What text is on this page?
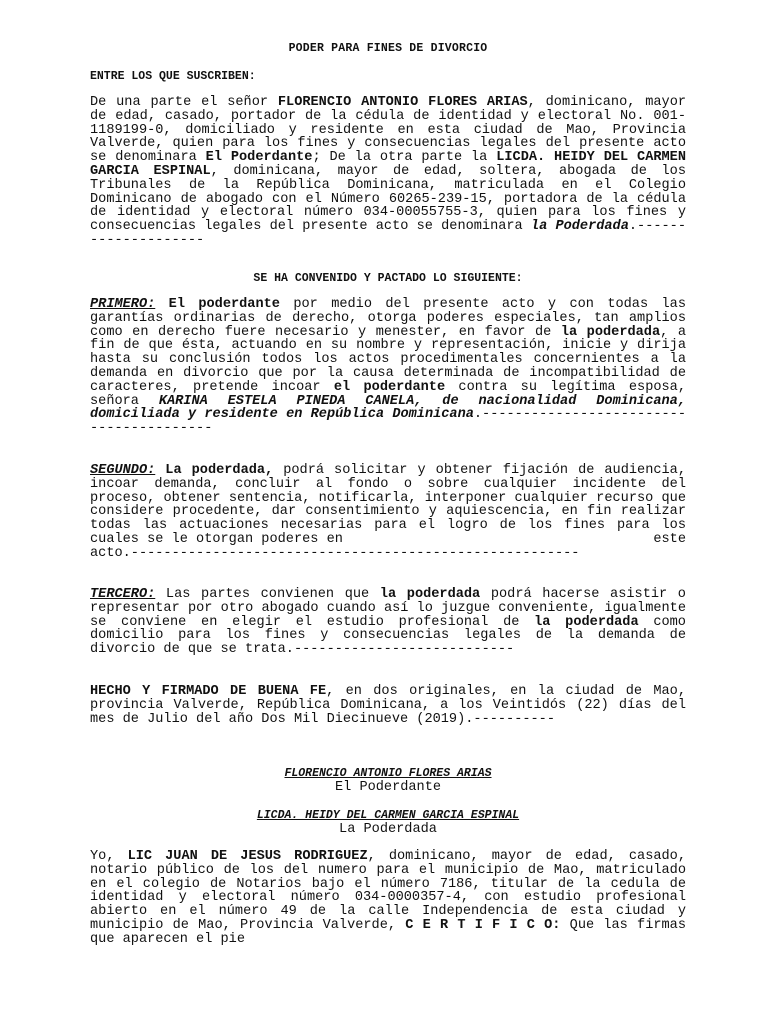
PODER PARA FINES DE DIVORCIO
ENTRE LOS QUE SUSCRIBEN:
De una parte el señor FLORENCIO ANTONIO FLORES ARIAS, dominicano, mayor de edad, casado, portador de la cédula de identidad y electoral No. 001-1189199-0, domiciliado y residente en esta ciudad de Mao, Provincia Valverde, quien para los fines y consecuencias legales del presente acto se denominara El Poderdante; De la otra parte la LICDA. HEIDY DEL CARMEN GARCIA ESPINAL, dominicana, mayor de edad, soltera, abogada de los Tribunales de la República Dominicana, matriculada en el Colegio Dominicano de abogado con el Número 60265-239-15, portadora de la cédula de identidad y electoral número 034-00055755-3, quien para los fines y consecuencias legales del presente acto se denominara la Poderdada.--------------------
SE HA CONVENIDO Y PACTADO LO SIGUIENTE:
PRIMERO: El poderdante por medio del presente acto y con todas las garantías ordinarias de derecho, otorga poderes especiales, tan amplios como en derecho fuere necesario y menester, en favor de la poderdada, a fin de que ésta, actuando en su nombre y representación, inicie y dirija hasta su conclusión todos los actos procedimentales concernientes a la demanda en divorcio que por la causa determinada de incompatibilidad de caracteres, pretende incoar el poderdante contra su legítima esposa, señora KARINA ESTELA PINEDA CANELA, de nacionalidad Dominicana, domiciliada y residente en República Dominicana.----------------------------------------
SEGUNDO: La poderdada, podrá solicitar y obtener fijación de audiencia, incoar demanda, concluir al fondo o sobre cualquier incidente del proceso, obtener sentencia, notificarla, interponer cualquier recurso que considere procedente, dar consentimiento y aquiescencia, en fin realizar todas las actuaciones necesarias para el logro de los fines para los cuales se le otorgan poderes en	este

acto.-------------------------------------------------------
TERCERO: Las partes convienen que la poderdada podrá hacerse asistir o representar por otro abogado cuando así lo juzgue conveniente, igualmente se conviene en elegir el estudio profesional de la poderdada como domicilio para los fines y consecuencias legales de la demanda de divorcio de que se trata.---------------------------
HECHO Y FIRMADO DE BUENA FE, en dos originales, en la ciudad de Mao, provincia Valverde, República Dominicana, a los Veintidós (22) días del mes de Julio del año Dos Mil Diecinueve (2019).----------
FLORENCIO ANTONIO FLORES ARIAS
El Poderdante
LICDA. HEIDY DEL CARMEN GARCIA ESPINAL
La Poderdada
Yo, LIC JUAN DE JESUS RODRIGUEZ, dominicano, mayor de edad, casado, notario público de los del numero para el municipio de Mao, matriculado en el colegio de Notarios bajo el número 7186, titular de la cedula de identidad y electoral número 034-0000357-4, con estudio profesional abierto en el número 49 de la calle Independencia de esta ciudad y municipio de Mao, Provincia Valverde, C E R T I F I C O: Que las firmas que aparecen el pie
